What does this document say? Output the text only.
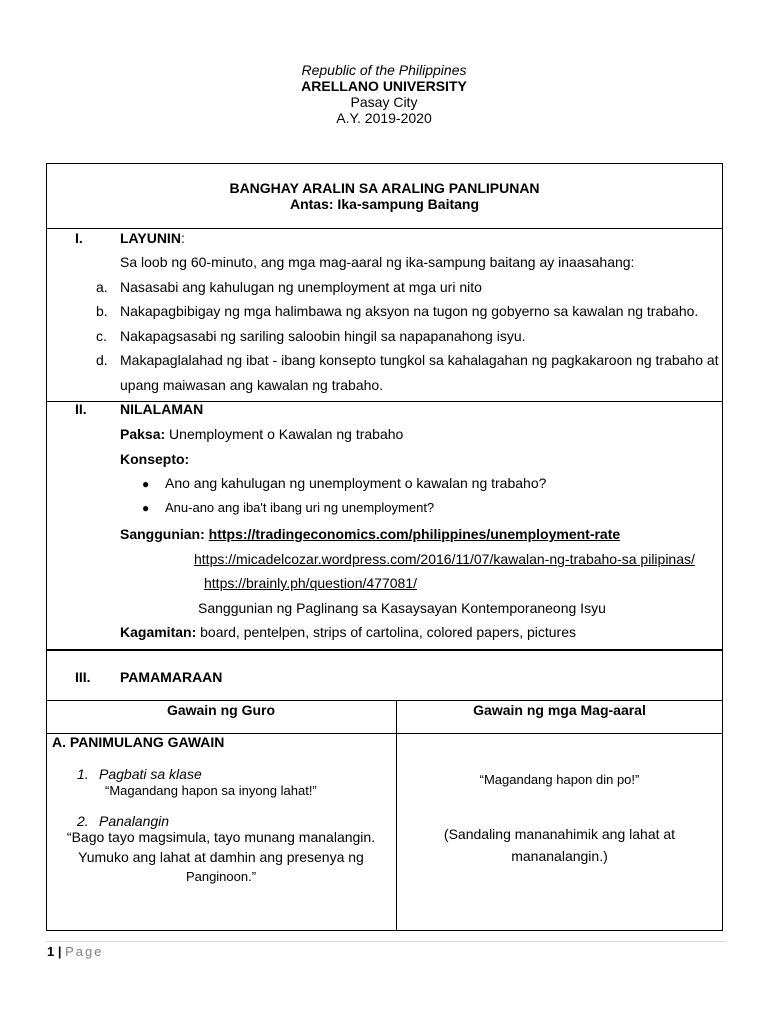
Republic of the Philippines
ARELLANO UNIVERSITY
Pasay City
A.Y. 2019-2020
BANGHAY ARALIN SA ARALING PANLIPUNAN
Antas: Ika-sampung Baitang
I.	LAYUNIN:
Sa loob ng 60-minuto, ang mga mag-aaral ng ika-sampung baitang ay inaasahang:
a. Nasasabi ang kahulugan ng unemployment at mga uri nito
b. Nakapagbibigay ng mga halimbawa ng aksyon na tugon ng gobyerno sa kawalan ng trabaho.
c. Nakapagsasabi ng sariling saloobin hingil sa napapanahong isyu.
d. Makapaglalahad ng ibat - ibang konsepto tungkol sa kahalagahan ng pagkakaroon ng trabaho at
upang maiwasan ang kawalan ng trabaho.
II. NILALAMAN
Paksa: Unemployment o Kawalan ng trabaho
Konsepto:
● Ano ang kahulugan ng unemployment o kawalan ng trabaho?
● Anu-ano ang iba't ibang uri ng unemployment?
Sanggunian: https://tradingeconomics.com/philippines/unemployment-rate
https://micadelcozar.wordpress.com/2016/11/07/kawalan-ng-trabaho-sa pilipinas/
https://brainly.ph/question/477081/
Sanggunian ng Paglinang sa Kasaysayan Kontemporaneong Isyu
Kagamitan: board, pentelpen, strips of cartolina, colored papers, pictures
III. PAMAMARAAN
Gawain ng Guro	Gawain ng mga Mag-aaral
A. PANIMULANG GAWAIN
1. Pagbati sa klase
“Magandang hapon sa inyong lahat!”
“Magandang hapon din po!”
2. Panalangin
“Bago tayo magsimula, tayo munang manalangin.
Yumuko ang lahat at damhin ang presenya ng
Panginoon.”
(Sandaling mananahimik ang lahat at
mananalangin.)
1 | Page
